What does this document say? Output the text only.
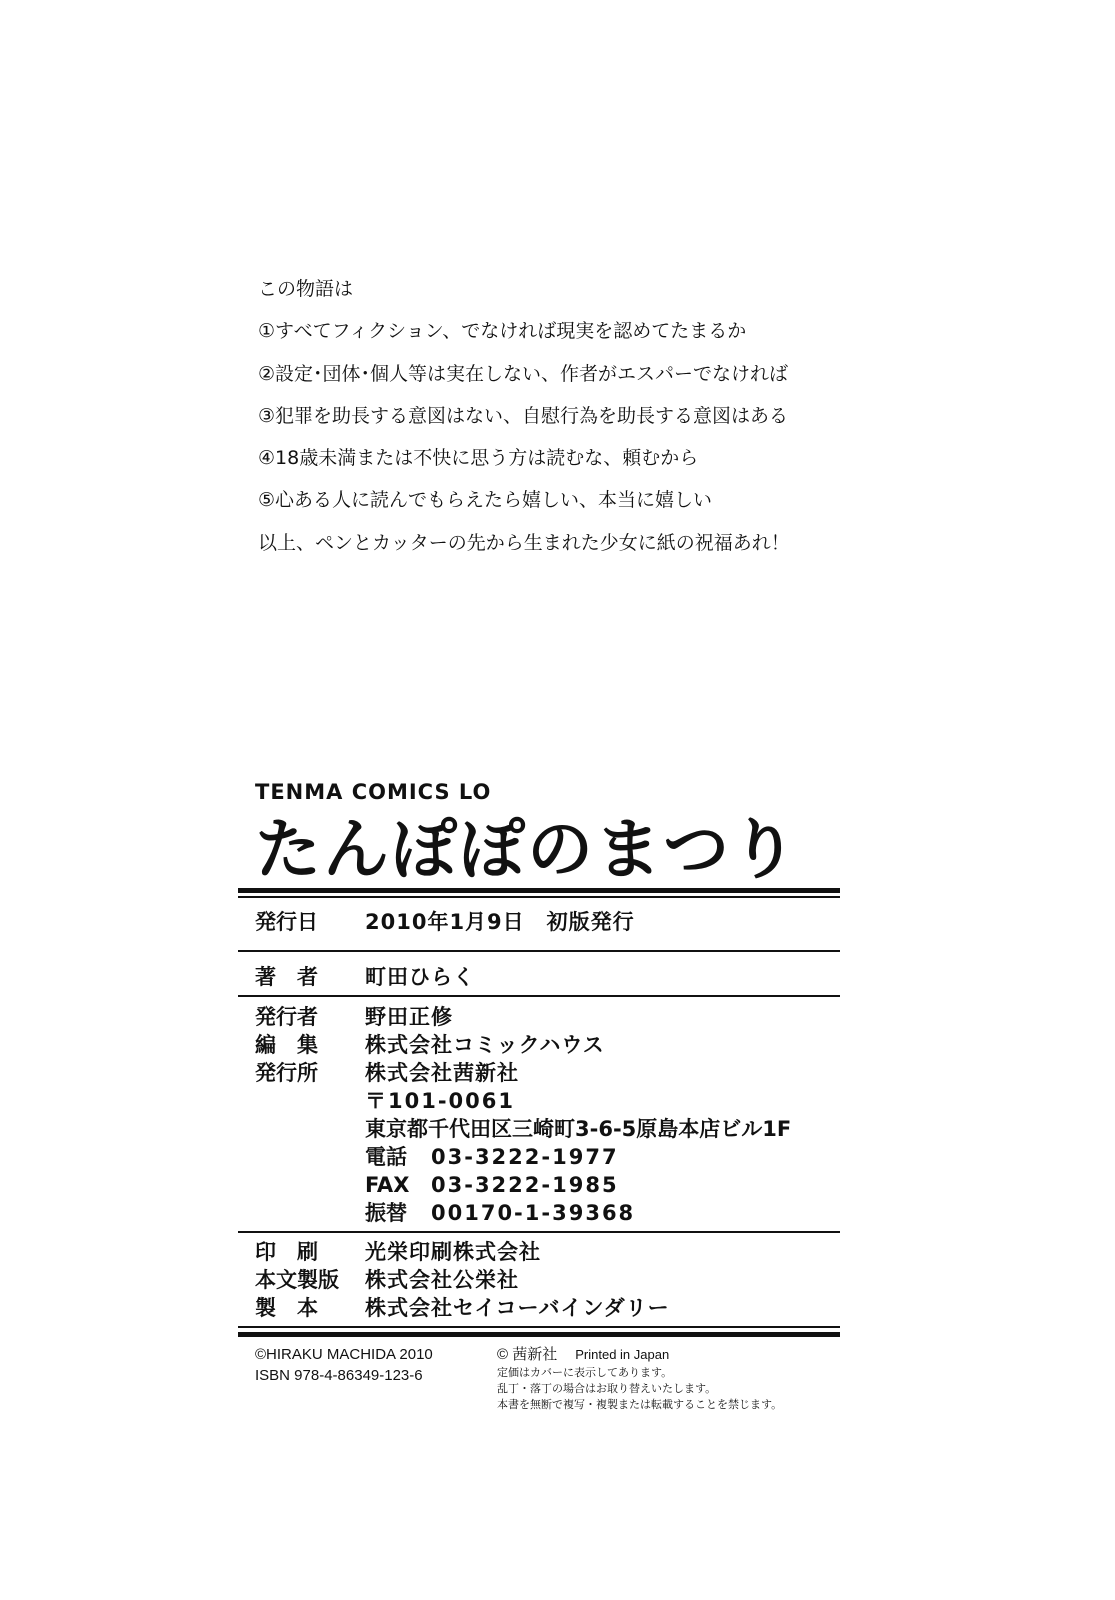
この物語は
①すべてフィクション、でなければ現実を認めてたまるか
②設定･団体･個人等は実在しない、作者がエスパーでなければ
③犯罪を助長する意図はない、自慰行為を助長する意図はある
④18歳未満または不快に思う方は読むな、頼むから
⑤心ある人に読んでもらえたら嬉しい、本当に嬉しい
以上、ペンとカッターの先から生まれた少女に紙の祝福あれ！
TENMA COMICS LO
たんぽぽのまつり
発行日 2010年1月9日　初版発行
著　者 町田ひらく
発行者 野田正修
編　集 株式会社コミックハウス
発行所 株式会社茜新社
〒101-0061
東京都千代田区三崎町3-6-5原島本店ビル1F
電話 03-3222-1977
FAX 03-3222-1985
振替 00170-1-39368
印　刷 光栄印刷株式会社
本文製版 株式会社公栄社
製　本 株式会社セイコーバインダリー
©HIRAKU MACHIDA 2010
ISBN 978-4-86349-123-6
© 茜新社 Printed in Japan
定価はカバーに表示してあります。
乱丁・落丁の場合はお取り替えいたします。
本書を無断で複写・複製または転載することを禁じます。
